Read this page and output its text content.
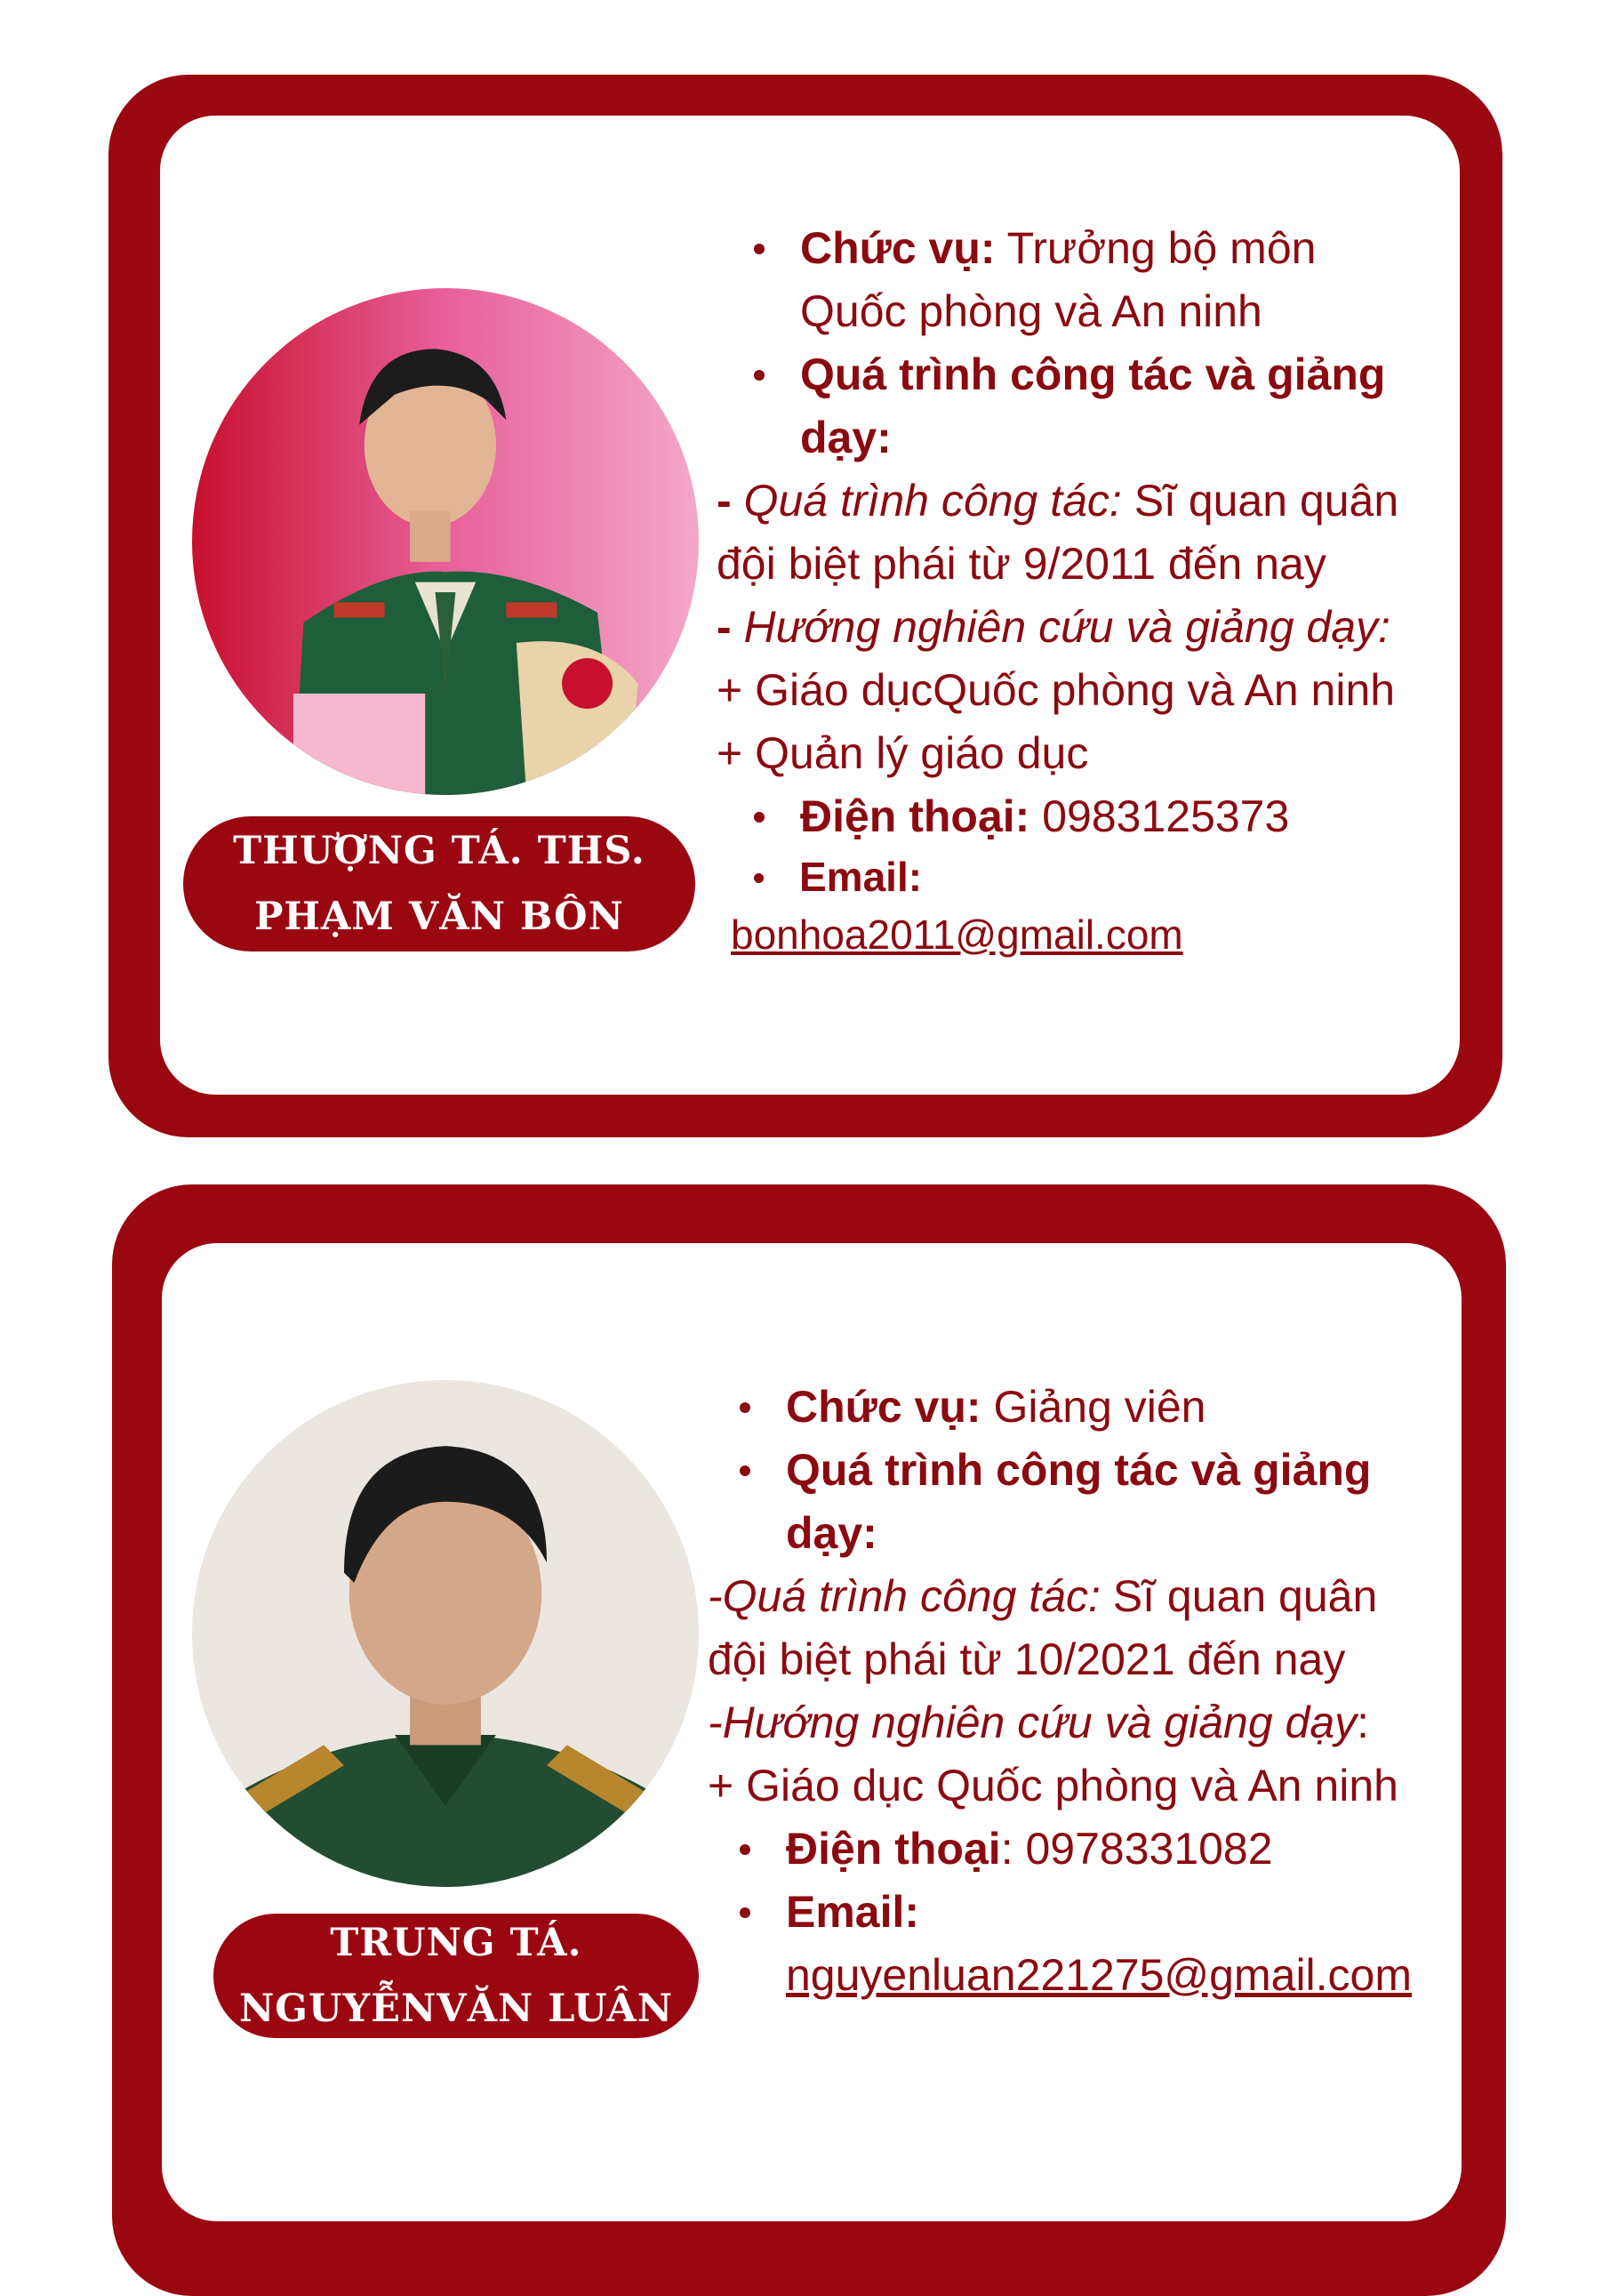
THƯỢNG TÁ. THS.
PHẠM VĂN BÔN
Chức vụ: Trưởng bộ môn
Quốc phòng và An ninh
Quá trình công tác và giảng
dạy:
- Quá trình công tác: Sĩ quan quân
đội biệt phái từ 9/2011 đến nay
- Hướng nghiên cứu và giảng dạy:
+ Giáo dụcQuốc phòng và An ninh
+ Quản lý giáo dục
Điện thoại: 0983125373
Email:
bonhoa2011@gmail.com
TRUNG TÁ.
NGUYỄNVĂN LUÂN
Chức vụ: Giảng viên
Quá trình công tác và giảng
dạy:
-Quá trình công tác: Sĩ quan quân
đội biệt phái từ 10/2021 đến nay
-Hướng nghiên cứu và giảng dạy:
+ Giáo dục Quốc phòng và An ninh
Điện thoại: 0978331082
Email:
nguyenluan221275@gmail.com
